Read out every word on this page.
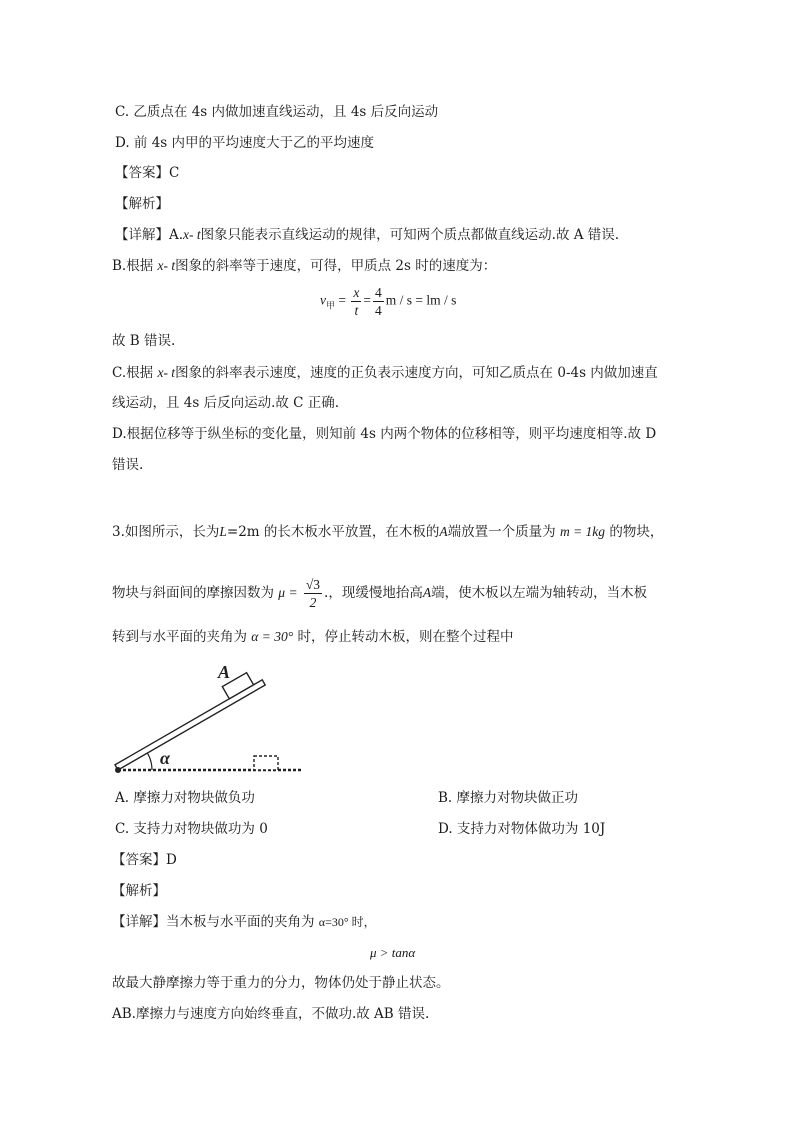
C. 乙质点在 4s 内做加速直线运动，且 4s 后反向运动
D. 前 4s 内甲的平均速度大于乙的平均速度
【答案】C
【解析】
【详解】A.x- t图象只能表示直线运动的规律，可知两个质点都做直线运动.故 A 错误.
B.根据 x- t图象的斜率等于速度，可得，甲质点 2s 时的速度为：
$v_甲 = \frac{x}{t} = \frac{4}{4}$ m / s = lm / s
故 B 错误.
C.根据 x- t图象的斜率表示速度，速度的正负表示速度方向，可知乙质点在 0-4s 内做加速直
线运动，且 4s 后反向运动.故 C 正确.
D.根据位移等于纵坐标的变化量，则知前 4s 内两个物体的位移相等，则平均速度相等.故 D
错误.
3.如图所示，长为L=2m 的长木板水平放置，在木板的A端放置一个质量为 m = 1kg 的物块，
物块与斜面间的摩擦因数为 $\mu = \frac{√3}{2}$ .，现缓慢地抬高A端，使木板以左端为轴转动，当木板
转到与水平面的夹角为 α = 30° 时，停止转动木板，则在整个过程中
α
A
A. 摩擦力对物块做负功	B. 摩擦力对物块做正功
C. 支持力对物块做功为 0	D. 支持力对物体做功为 10J
【答案】D
【解析】
【详解】当木板与水平面的夹角为 α=30° 时，
μ > tanα
故最大静摩擦力等于重力的分力，物体仍处于静止状态。
AB.摩擦力与速度方向始终垂直，不做功.故 AB 错误.
